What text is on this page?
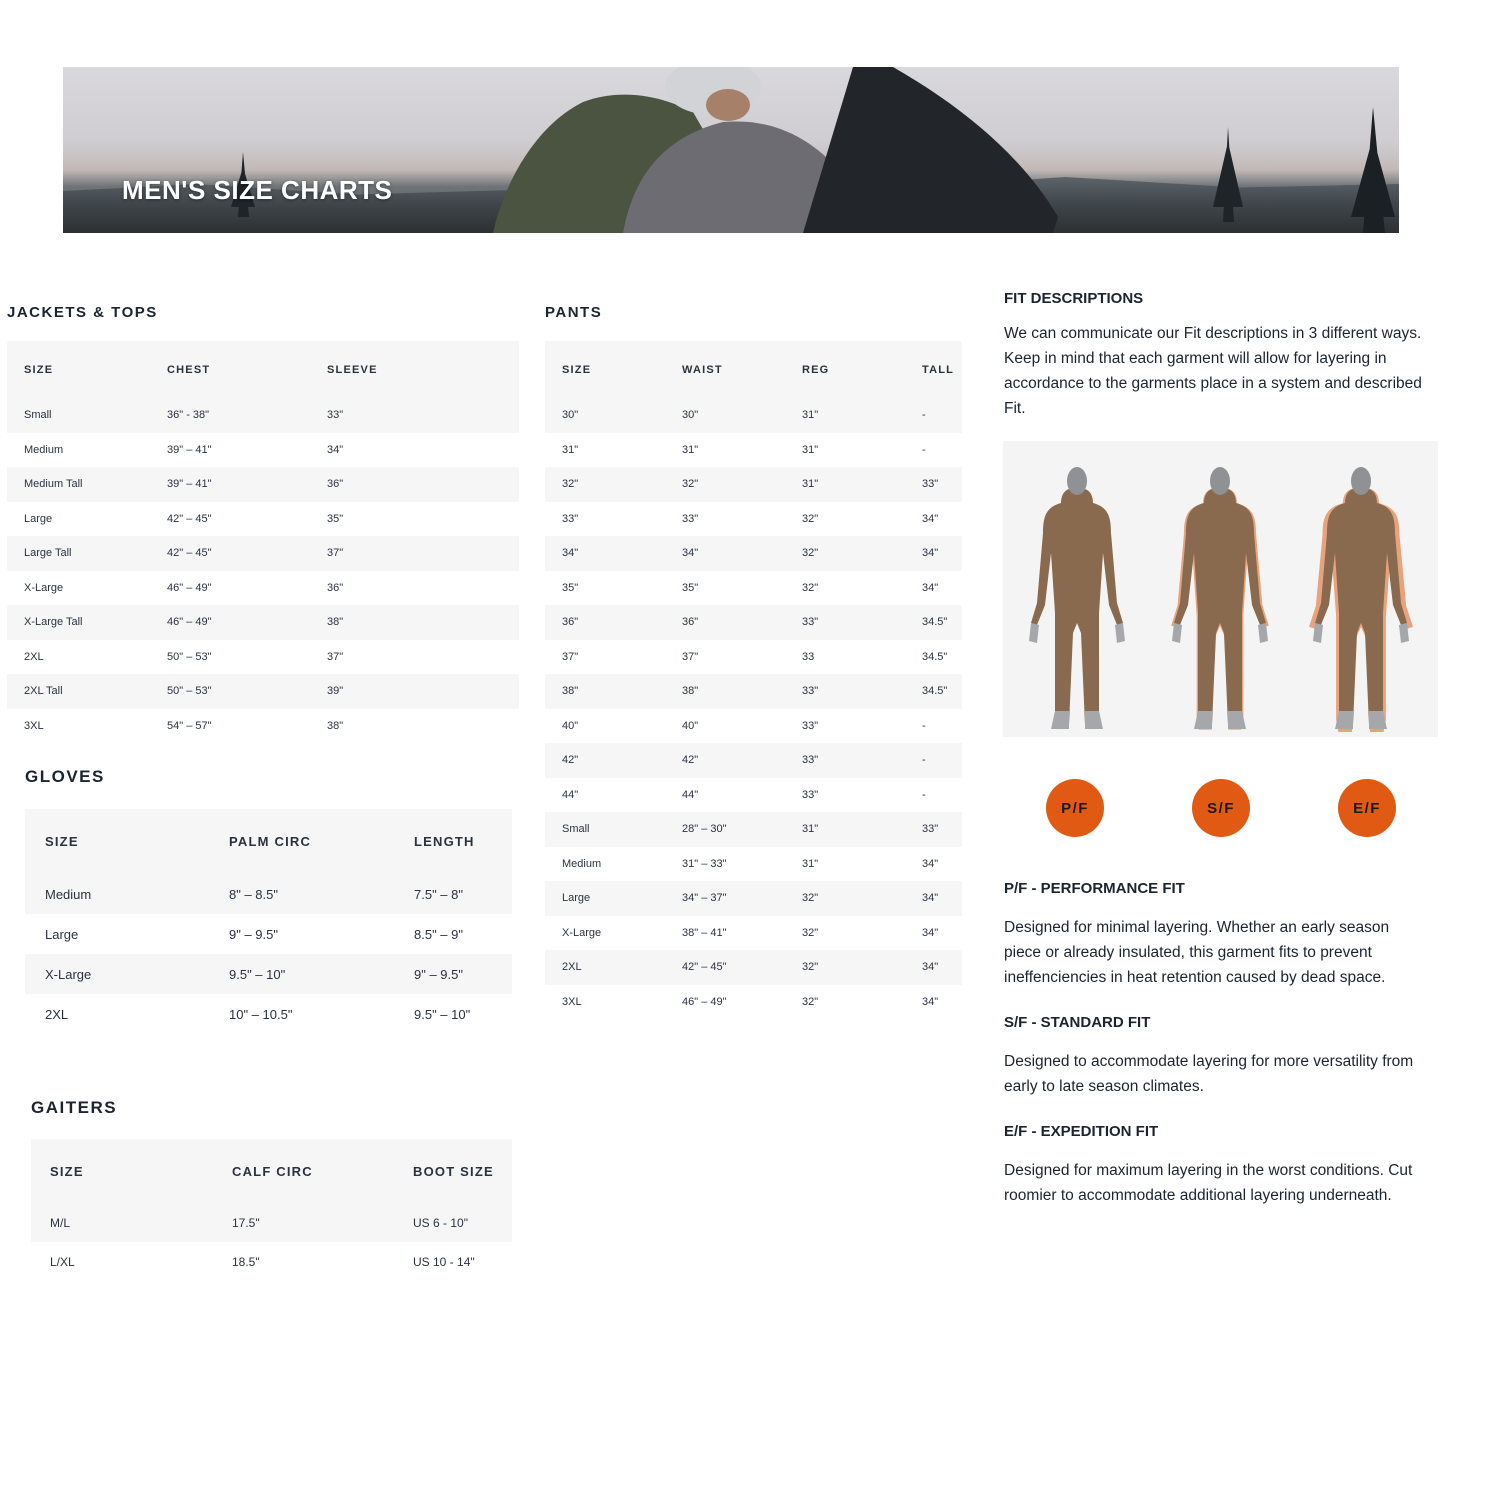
MEN'S SIZE CHARTS
JACKETS & TOPS
SIZE	CHEST	SLEEVE
Small	36" - 38"	33"
Medium	39" – 41"	34"
Medium Tall	39" – 41"	36"
Large	42" – 45"	35"
Large Tall	42" – 45"	37"
X-Large	46" – 49"	36"
X-Large Tall	46" – 49"	38"
2XL	50" – 53"	37"
2XL Tall	50" – 53"	39"
3XL	54" – 57"	38"
GLOVES
SIZE	PALM CIRC	LENGTH
Medium	8" – 8.5"	7.5" – 8"
Large	9" – 9.5"	8.5" – 9"
X-Large	9.5" – 10"	9" – 9.5"
2XL	10" – 10.5"	9.5" – 10"
GAITERS
SIZE	CALF CIRC	BOOT SIZE
M/L	17.5"	US 6 - 10"
L/XL	18.5"	US 10 - 14"
PANTS
SIZE	WAIST	REG	TALL
30"	30"	31"	-
31"	31"	31"	-
32"	32"	31"	33"
33"	33"	32"	34"
34"	34"	32"	34"
35"	35"	32"	34"
36"	36"	33"	34.5"
37"	37"	33	34.5"
38"	38"	33"	34.5"
40"	40"	33"	-
42"	42"	33"	-
44"	44"	33"	-
Small	28" – 30"	31"	33"
Medium	31" – 33"	31"	34"
Large	34" – 37"	32"	34"
X-Large	38" – 41"	32"	34"
2XL	42" – 45"	32"	34"
3XL	46" – 49"	32"	34"
FIT DESCRIPTIONS

We can communicate our Fit descriptions in 3 different ways. Keep in mind that each garment will allow for layering in accordance to the garments place in a system and described Fit.

P/F	S/F	E/F
P/F - PERFORMANCE FIT

Designed for minimal layering. Whether an early season piece or already insulated, this garment fits to prevent ineffenciencies in heat retention caused by dead space.

S/F - STANDARD FIT

Designed to accommodate layering for more versatility from early to late season climates.

E/F - EXPEDITION FIT

Designed for maximum layering in the worst conditions. Cut roomier to accommodate additional layering underneath.
